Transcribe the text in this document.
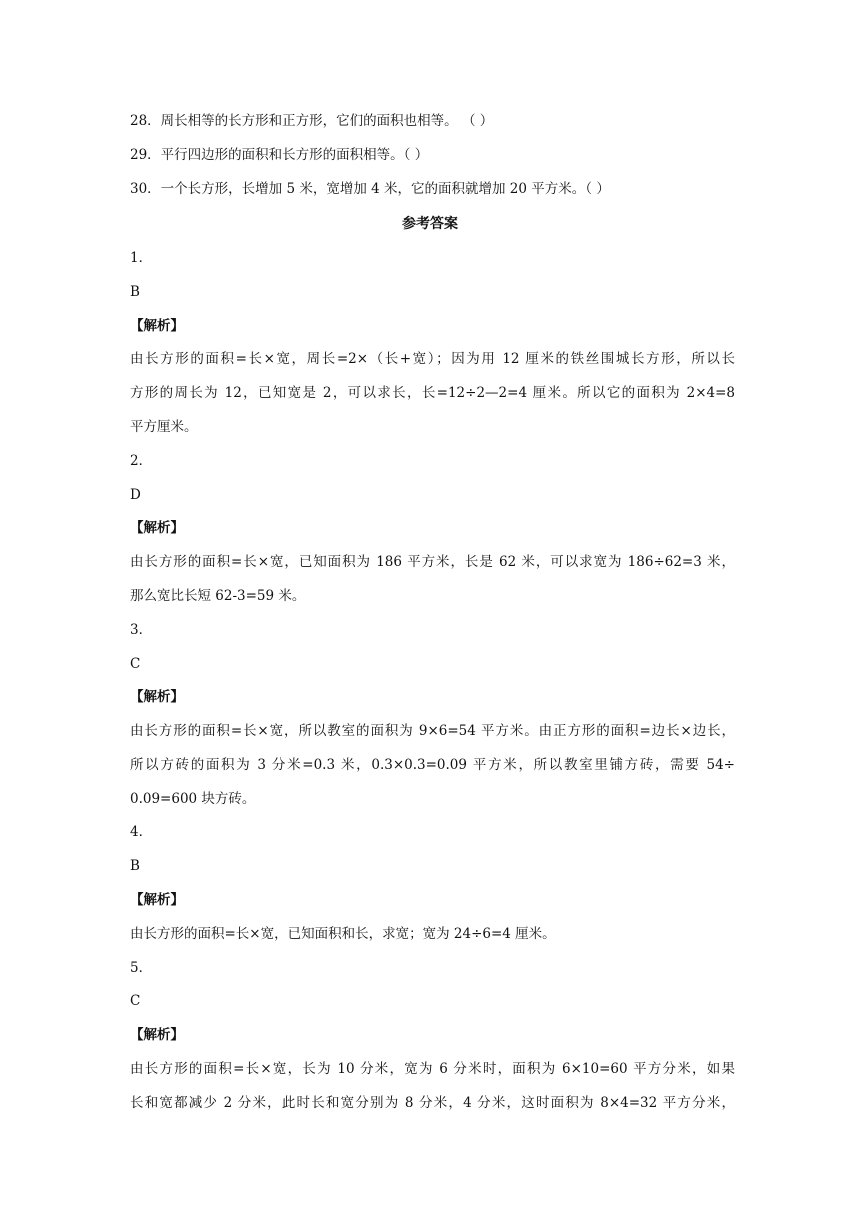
28．周长相等的长方形和正方形，它们的面积也相等。 （ ）
29．平行四边形的面积和长方形的面积相等。（ ）
30．一个长方形，长增加 5 米，宽增加 4 米，它的面积就增加 20 平方米。（ ）
参考答案
1．
B
【解析】
由长方形的面积=长×宽，周长=2×（长+宽）；因为用 12 厘米的铁丝围城长方形，所以长
方形的周长为 12，已知宽是 2，可以求长，长=12÷2—2=4 厘米。所以它的面积为 2×4=8
平方厘米。
2．
D
【解析】
由长方形的面积=长×宽，已知面积为 186 平方米，长是 62 米，可以求宽为 186÷62=3 米，
那么宽比长短 62-3=59 米。
3．
C
【解析】
由长方形的面积=长×宽，所以教室的面积为 9×6=54 平方米。由正方形的面积=边长×边长，
所以方砖的面积为 3 分米=0.3 米，0.3×0.3=0.09 平方米，所以教室里铺方砖，需要 54÷
0.09=600 块方砖。
4．
B
【解析】
由长方形的面积=长×宽，已知面积和长，求宽；宽为 24÷6=4 厘米。
5．
C
【解析】
由长方形的面积=长×宽，长为 10 分米，宽为 6 分米时，面积为 6×10=60 平方分米，如果
长和宽都减少 2 分米，此时长和宽分别为 8 分米，4 分米，这时面积为 8×4=32 平方分米，
